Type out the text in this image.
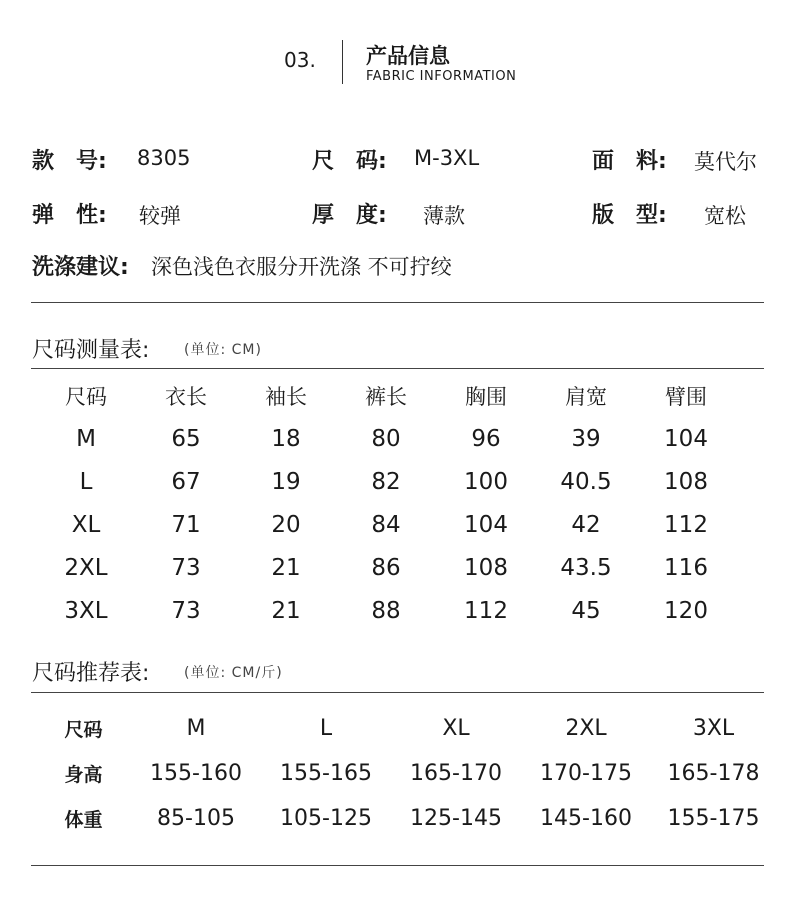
03. 产品信息
FABRIC INFORMATION
款　号: 8305	尺　码: M-3XL	面　料: 莫代尔
弹　性: 较弹	厚　度: 薄款	版　型: 宽松
洗涤建议: 深色浅色衣服分开洗涤 不可拧绞
尺码测量表: (单位: CM)
尺码	衣长	袖长	裤长	胸围	肩宽	臂围
M	65	18	80	96	39	104
L	67	19	82	100	40.5	108
XL	71	20	84	104	42	112
2XL	73	21	86	108	43.5	116
3XL	73	21	88	112	45	120
尺码推荐表: (单位: CM/斤)
尺码	M	L	XL	2XL	3XL
身高	155-160	155-165	165-170	170-175	165-178
体重	85-105	105-125	125-145	145-160	155-175
